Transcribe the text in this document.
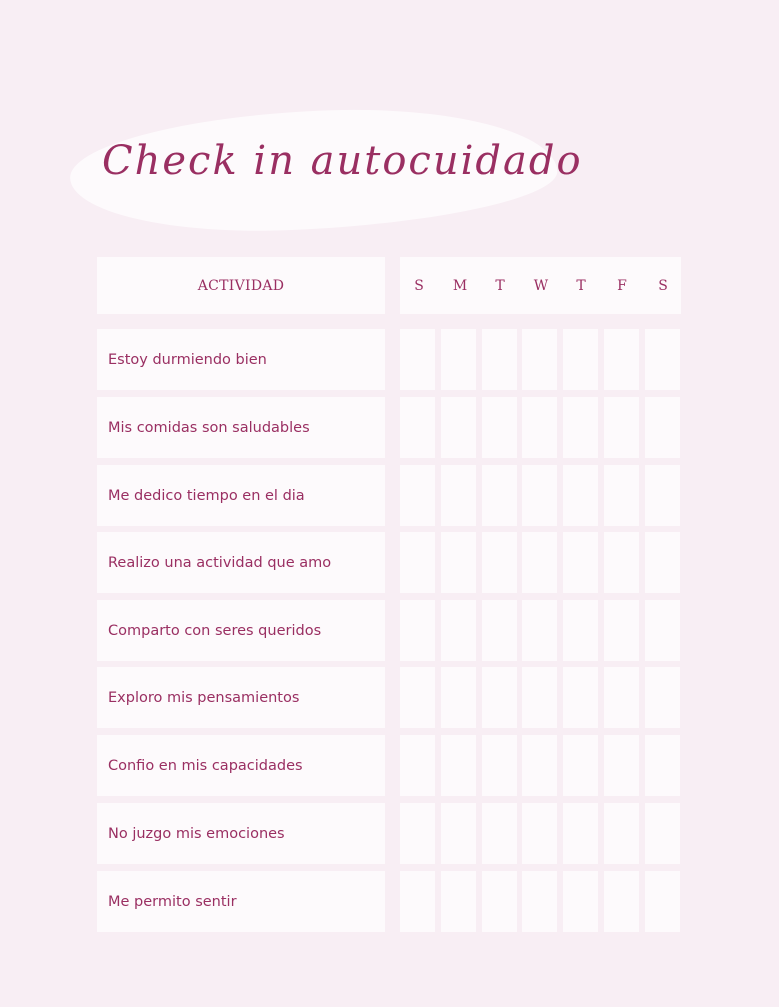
Check in autocuidado
ACTIVIDAD	S	M	T	W	T	F	S
Estoy durmiendo bien
Mis comidas son saludables
Me dedico tiempo en el dia
Realizo una actividad que amo
Comparto con seres queridos
Exploro mis pensamientos
Confio en mis capacidades
No juzgo mis emociones
Me permito sentir
